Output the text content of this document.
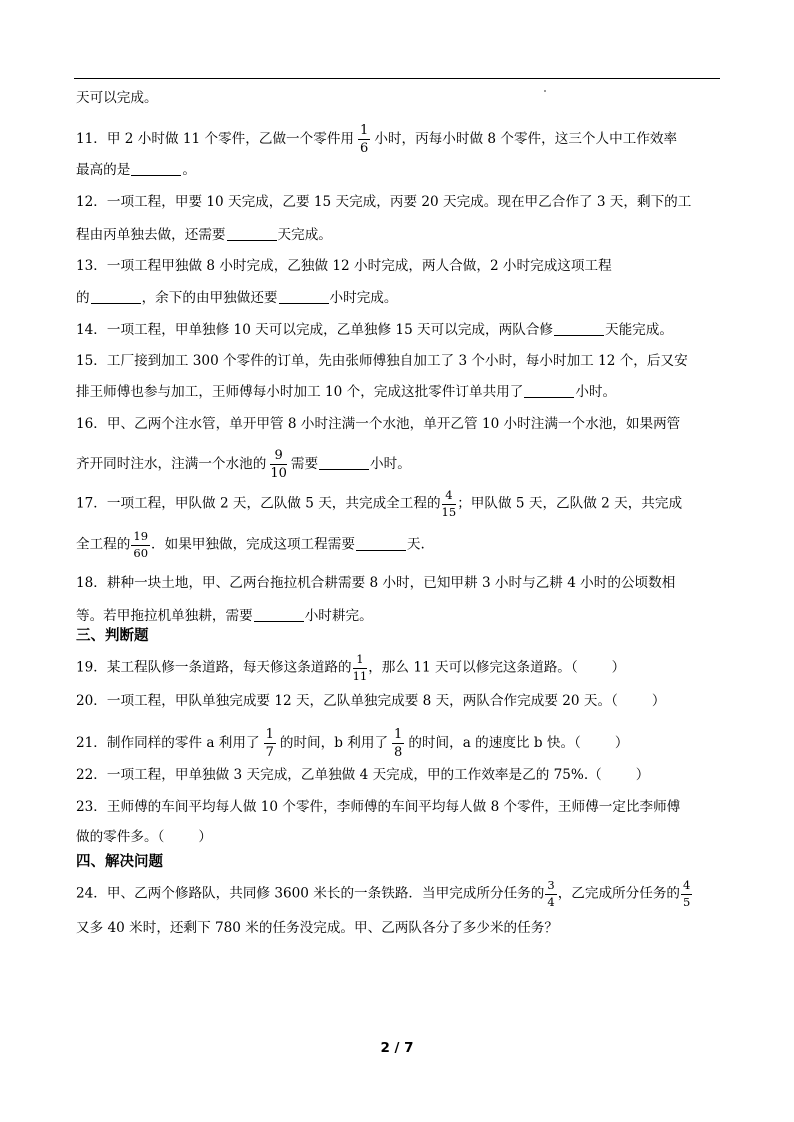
天可以完成。
11．甲 2 小时做 11 个零件，乙做一个零件用 $\frac{1}{6}$ 小时，丙每小时做 8 个零件，这三个人中工作效率
最高的是	。
12．一项工程，甲要 10 天完成，乙要 15 天完成，丙要 20 天完成。现在甲乙合作了 3 天，剩下的工
程由丙单独去做，还需要	天完成。
13．一项工程甲独做 8 小时完成，乙独做 12 小时完成，两人合做，2 小时完成这项工程
的	，余下的由甲独做还要	小时完成。
14．一项工程，甲单独修 10 天可以完成，乙单独修 15 天可以完成，两队合修	天能完成。
15．工厂接到加工 300 个零件的订单，先由张师傅独自加工了 3 个小时，每小时加工 12 个，后又安
排王师傅也参与加工，王师傅每小时加工 10 个，完成这批零件订单共用了	小时。
16．甲、乙两个注水管，单开甲管 8 小时注满一个水池，单开乙管 10 小时注满一个水池，如果两管
齐开同时注水，注满一个水池的 $\frac{9}{10}$ 需要	小时。
17．一项工程，甲队做 2 天，乙队做 5 天，共完成全工程的 $\frac{4}{15}$ ；甲队做 5 天，乙队做 2 天，共完成
全工程的 $\frac{19}{60}$ ．如果甲独做，完成这项工程需要	天.
18．耕种一块土地，甲、乙两台拖拉机合耕需要 8 小时，已知甲耕 3 小时与乙耕 4 小时的公顷数相
等。若甲拖拉机单独耕，需要	小时耕完。
三、判断题
19．某工程队修一条道路，每天修这条道路的 $\frac{1}{11}$ ，那么 11 天可以修完这条道路。（	）
20．一项工程，甲队单独完成要 12 天，乙队单独完成要 8 天，两队合作完成要 20 天。（	）
21．制作同样的零件 a 利用了 $\frac{1}{7}$ 的时间，b 利用了 $\frac{1}{8}$ 的时间，a 的速度比 b 快。（	）
22．一项工程，甲单独做 3 天完成，乙单独做 4 天完成，甲的工作效率是乙的 75%.（	）
23．王师傅的车间平均每人做 10 个零件，李师傅的车间平均每人做 8 个零件，王师傅一定比李师傅
做的零件多。（	）
四、解决问题
24．甲、乙两个修路队，共同修 3600 米长的一条铁路．当甲完成所分任务的 $\frac{3}{4}$ ，乙完成所分任务的 $\frac{4}{5}$
又多 40 米时，还剩下 780 米的任务没完成。甲、乙两队各分了多少米的任务？
2 / 7
